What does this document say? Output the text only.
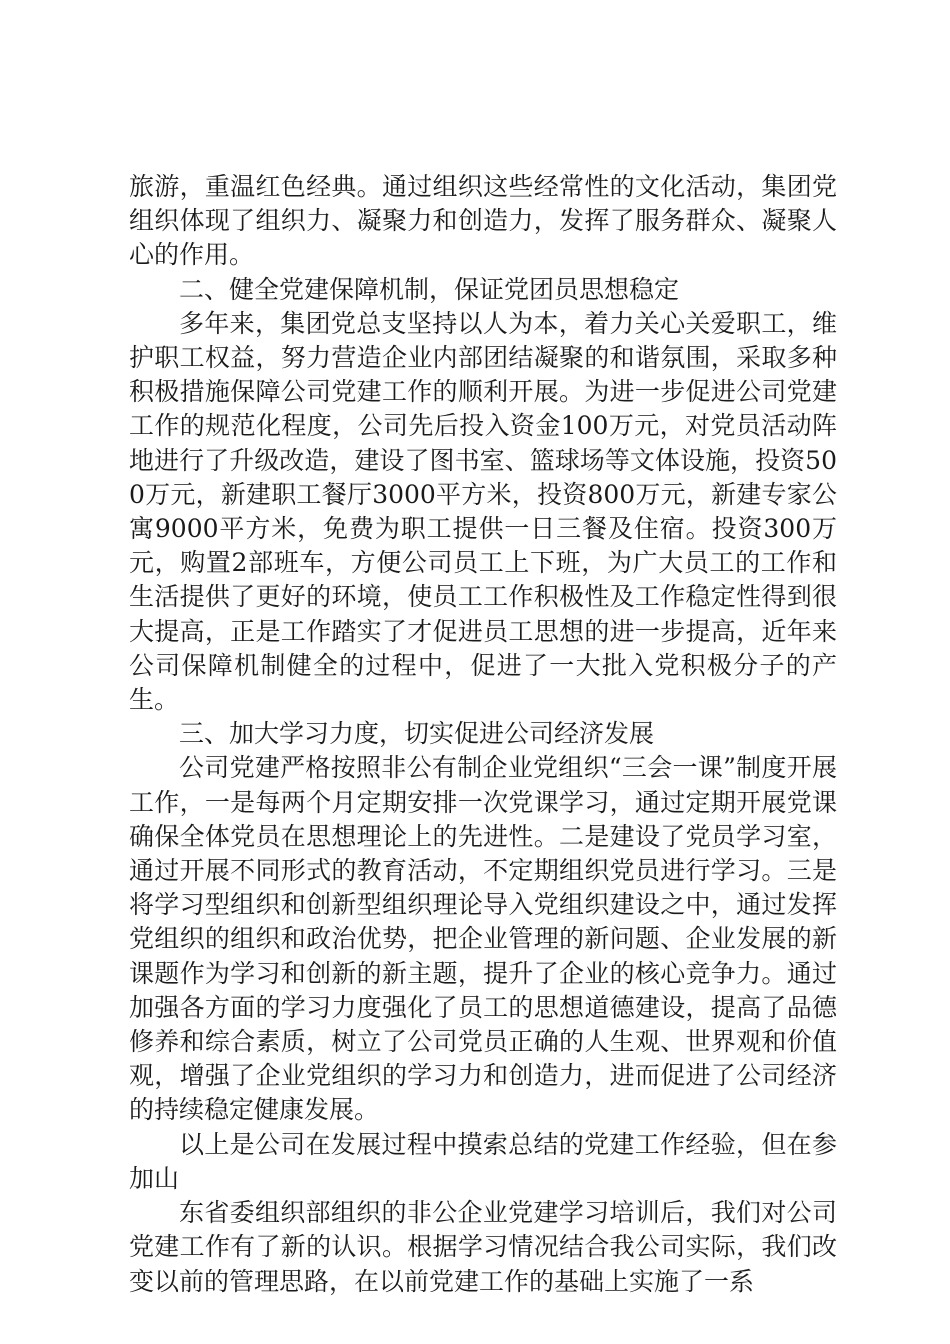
旅游，重温红色经典。通过组织这些经常性的文化活动，集团党组织体现了组织力、凝聚力和创造力，发挥了服务群众、凝聚人心的作用。

二、健全党建保障机制，保证党团员思想稳定

多年来，集团党总支坚持以人为本，着力关心关爱职工，维护职工权益，努力营造企业内部团结凝聚的和谐氛围，采取多种积极措施保障公司党建工作的顺利开展。为进一步促进公司党建工作的规范化程度，公司先后投入资金100万元，对党员活动阵地进行了升级改造，建设了图书室、篮球场等文体设施，投资500万元，新建职工餐厅3000平方米，投资800万元，新建专家公寓9000平方米，免费为职工提供一日三餐及住宿。投资300万元，购置2部班车，方便公司员工上下班，为广大员工的工作和生活提供了更好的环境，使员工工作积极性及工作稳定性得到很大提高，正是工作踏实了才促进员工思想的进一步提高，近年来公司保障机制健全的过程中，促进了一大批入党积极分子的产生。

三、加大学习力度，切实促进公司经济发展

公司党建严格按照非公有制企业党组织“三会一课”制度开展工作，一是每两个月定期安排一次党课学习，通过定期开展党课确保全体党员在思想理论上的先进性。二是建设了党员学习室，通过开展不同形式的教育活动，不定期组织党员进行学习。三是将学习型组织和创新型组织理论导入党组织建设之中，通过发挥党组织的组织和政治优势，把企业管理的新问题、企业发展的新课题作为学习和创新的新主题，提升了企业的核心竞争力。通过加强各方面的学习力度强化了员工的思想道德建设，提高了品德修养和综合素质，树立了公司党员正确的人生观、世界观和价值观，增强了企业党组织的学习力和创造力，进而促进了公司经济的持续稳定健康发展。

以上是公司在发展过程中摸索总结的党建工作经验，但在参加山

东省委组织部组织的非公企业党建学习培训后，我们对公司党建工作有了新的认识。根据学习情况结合我公司实际，我们改变以前的管理思路，在以前党建工作的基础上实施了一系
